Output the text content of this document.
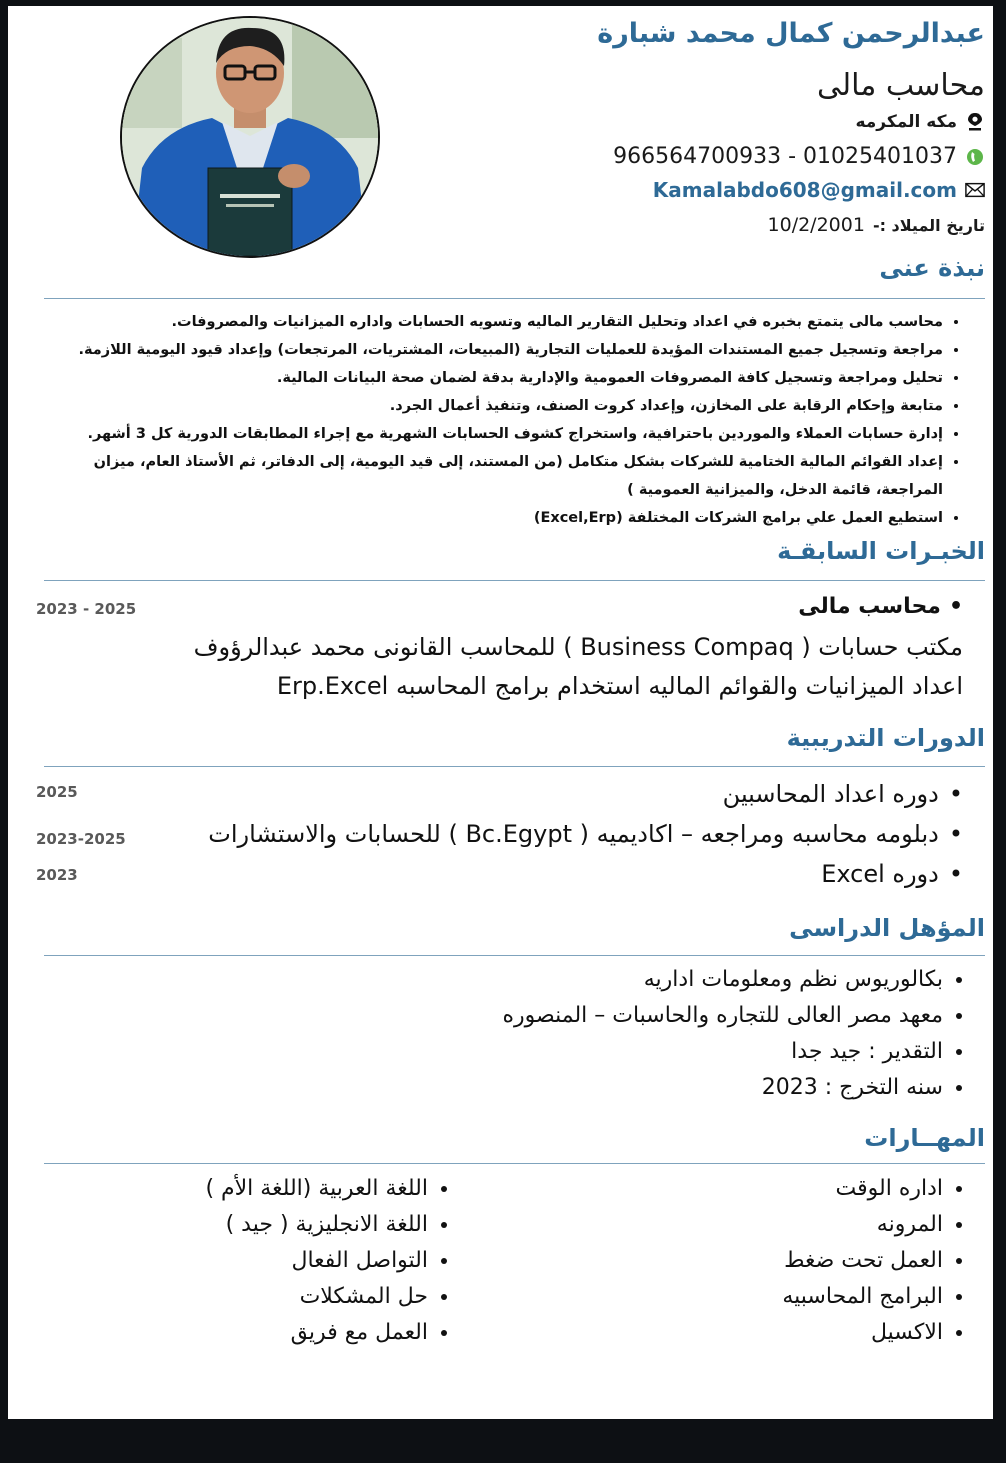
عبدالرحمن كمال محمد شبارة
محاسب مالى
مكه المكرمه
966564700933 - 01025401037
Kamalabdo608@gmail.com
تاريخ الميلاد :-
10/2/2001
نبذة عنى
• محاسب مالى يتمتع بخبره في اعداد وتحليل التقارير الماليه وتسويه الحسابات واداره الميزانيات والمصروفات.
• مراجعة وتسجيل جميع المستندات المؤيدة للعمليات التجارية (المبيعات، المشتريات، المرتجعات) وإعداد قيود اليومية اللازمة.
• تحليل ومراجعة وتسجيل كافة المصروفات العمومية والإدارية بدقة لضمان صحة البيانات المالية.
• متابعة وإحكام الرقابة على المخازن، وإعداد كروت الصنف، وتنفيذ أعمال الجرد.
• إدارة حسابات العملاء والموردين باحترافية، واستخراج كشوف الحسابات الشهرية مع إجراء المطابقات الدورية كل 3 أشهر.
• إعداد القوائم المالية الختامية للشركات بشكل متكامل (من المستند، إلى قيد اليومية، إلى الدفاتر، ثم الأستاذ العام، ميزان المراجعة، قائمة الدخل، والميزانية العمومية )
• استطيع العمل علي برامج الشركات المختلفة (Excel,Erp)
الخبـرات السابقـة
•محاسب مالى
2023 - 2025
مكتب حسابات ( Business Compaq ) للمحاسب القانونى محمد عبدالرؤوف
اعداد الميزانيات والقوائم الماليه استخدام برامج المحاسبه Erp.Excel
الدورات التدريبية
•دوره اعداد المحاسبين
2025
•دبلومه محاسبه ومراجعه – اكاديميه ( Bc.Egypt ) للحسابات والاستشارات
2023-2025
•دوره Excel
2023
المؤهل الدراسى
• بكالوريوس نظم ومعلومات اداريه
• معهد مصر العالى للتجاره والحاسبات – المنصوره
• التقدير : جيد جدا
• سنه التخرج : 2023
المهــارات
• اداره الوقت
• المرونه
• العمل تحت ضغط
• البرامج المحاسبيه
• الاكسيل
• اللغة العربية (اللغة الأم )
• اللغة الانجليزية ( جيد )
• التواصل الفعال
• حل المشكلات
• العمل مع فريق
